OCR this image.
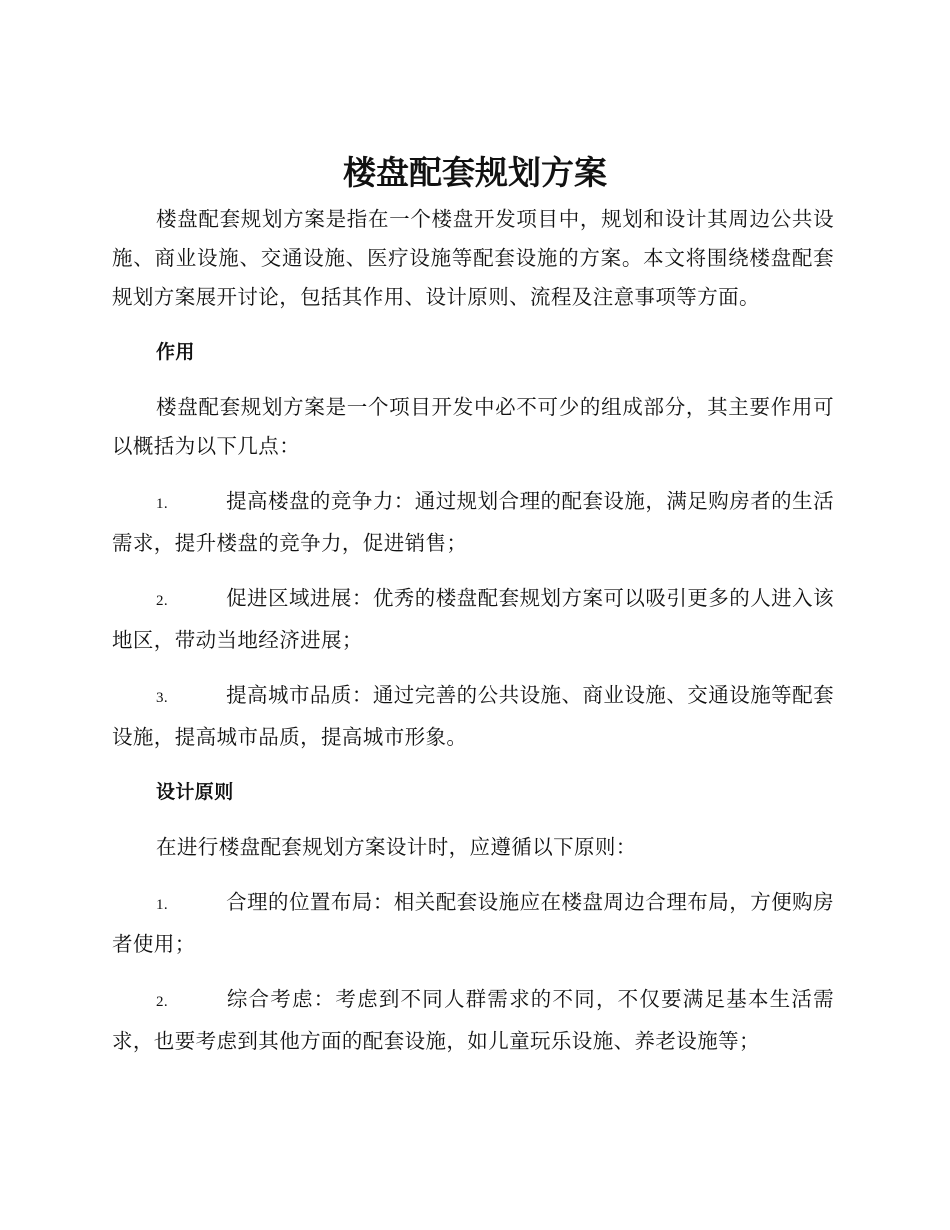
楼盘配套规划方案

楼盘配套规划方案是指在一个楼盘开发项目中，规划和设计其周边公共设施、商业设施、交通设施、医疗设施等配套设施的方案。本文将围绕楼盘配套规划方案展开讨论，包括其作用、设计原则、流程及注意事项等方面。

作用

楼盘配套规划方案是一个项目开发中必不可少的组成部分，其主要作用可以概括为以下几点：

1.	提高楼盘的竞争力：通过规划合理的配套设施，满足购房者的生活需求，提升楼盘的竞争力，促进销售；

2.	促进区域进展：优秀的楼盘配套规划方案可以吸引更多的人进入该地区，带动当地经济进展；

3.	提高城市品质：通过完善的公共设施、商业设施、交通设施等配套设施，提高城市品质，提高城市形象。

设计原则

在进行楼盘配套规划方案设计时，应遵循以下原则：

1.	合理的位置布局：相关配套设施应在楼盘周边合理布局，方便购房者使用；

2.	综合考虑：考虑到不同人群需求的不同，不仅要满足基本生活需求，也要考虑到其他方面的配套设施，如儿童玩乐设施、养老设施等；
